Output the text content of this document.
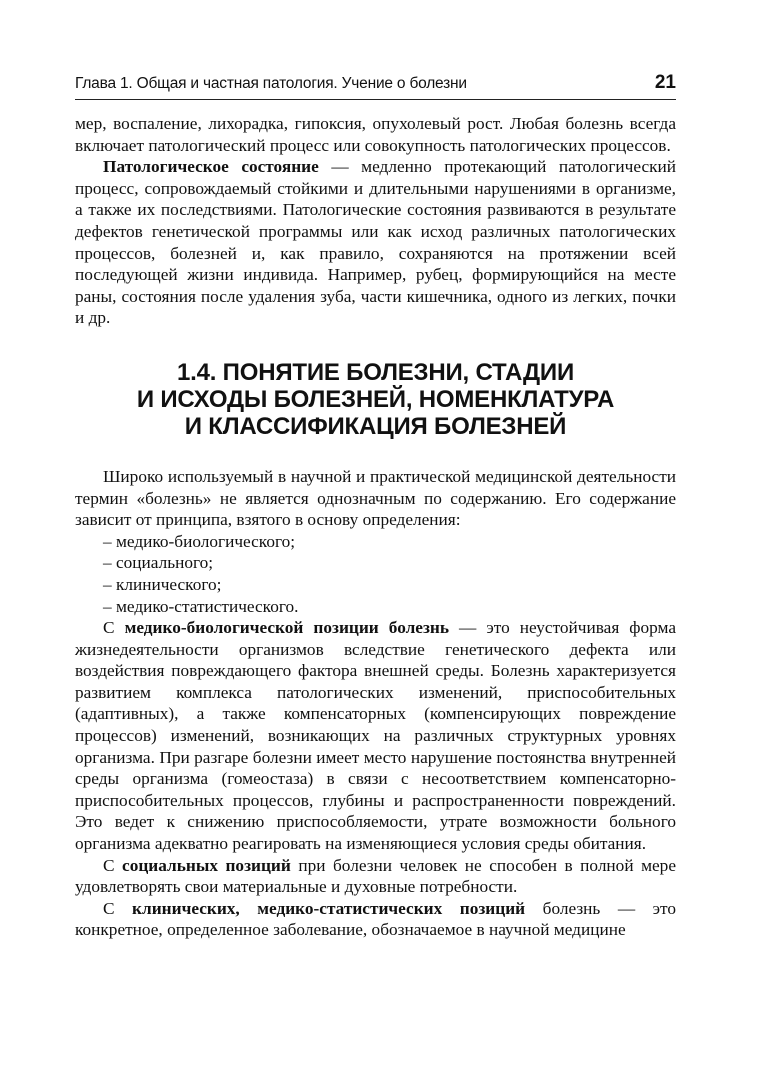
Глава 1. Общая и частная патология. Учение о болезни	21

мер, воспаление, лихорадка, гипоксия, опухолевый рост. Любая болезнь всегда включает патологический процесс или совокупность патологических процессов.

Патологическое состояние — медленно протекающий патологический процесс, сопровождаемый стойкими и длительными нарушениями в организме, а также их последствиями. Патологические состояния развиваются в результате дефектов генетической программы или как исход различных патологических процессов, болезней и, как правило, сохраняются на протяжении всей последующей жизни индивида. Например, рубец, формирующийся на месте раны, состояния после удаления зуба, части кишечника, одного из легких, почки и др.

1.4. ПОНЯТИЕ БОЛЕЗНИ, СТАДИИ
И ИСХОДЫ БОЛЕЗНЕЙ, НОМЕНКЛАТУРА
И КЛАССИФИКАЦИЯ БОЛЕЗНЕЙ

Широко используемый в научной и практической медицинской деятельности термин «болезнь» не является однозначным по содержанию. Его содержание зависит от принципа, взятого в основу определения:

– медико-биологического;
– социального;
– клинического;
– медико-статистического.

С медико-биологической позиции болезнь — это неустойчивая форма жизнедеятельности организмов вследствие генетического дефекта или воздействия повреждающего фактора внешней среды. Болезнь характеризуется развитием комплекса патологических изменений, приспособительных (адаптивных), а также компенсаторных (компенсирующих повреждение процессов) изменений, возникающих на различных структурных уровнях организма. При разгаре болезни имеет место нарушение постоянства внутренней среды организма (гомеостаза) в связи с несоответствием компенсаторно-приспособительных процессов, глубины и распространенности повреждений. Это ведет к снижению приспособляемости, утрате возможности больного организма адекватно реагировать на изменяющиеся условия среды обитания.

С социальных позиций при болезни человек не способен в полной мере удовлетворять свои материальные и духовные потребности.

С клинических, медико-статистических позиций болезнь — это конкретное, определенное заболевание, обозначаемое в научной медицине
